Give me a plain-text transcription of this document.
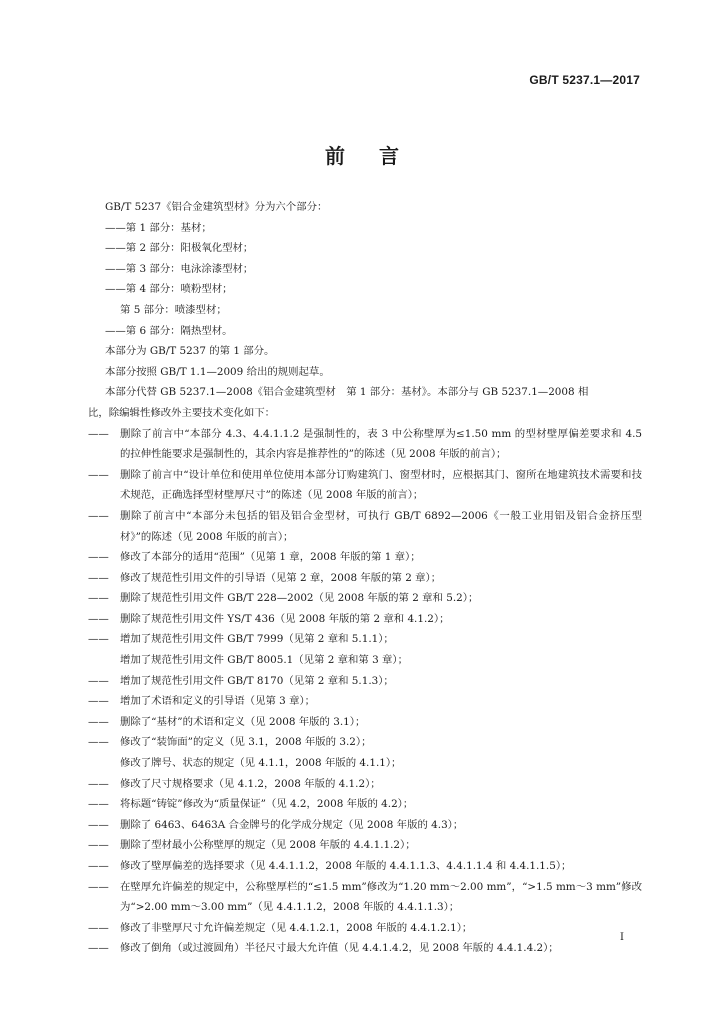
GB/T 5237.1—2017
前言
GB/T 5237《铝合金建筑型材》分为六个部分：
——第 1 部分：基材；
——第 2 部分：阳极氧化型材；
——第 3 部分：电泳涂漆型材；
——第 4 部分：喷粉型材；
第 5 部分：喷漆型材；
——第 6 部分：隔热型材。
本部分为 GB/T 5237 的第 1 部分。
本部分按照 GB/T 1.1—2009 给出的规则起草。
本部分代替 GB 5237.1—2008《铝合金建筑型材　第 1 部分：基材》。本部分与 GB 5237.1—2008 相
比，除编辑性修改外主要技术变化如下：
——	删除了前言中“本部分 4.3、4.4.1.1.2 是强制性的，表 3 中公称壁厚为≤1.50 mm 的型材壁厚偏差要求和 4.5 的拉伸性能要求是强制性的，其余内容是推荐性的”的陈述（见 2008 年版的前言）；
——	删除了前言中“设计单位和使用单位使用本部分订购建筑门、窗型材时，应根据其门、窗所在地建筑技术需要和技术规范，正确选择型材壁厚尺寸”的陈述（见 2008 年版的前言）；
——	删除了前言中“本部分未包括的铝及铝合金型材，可执行 GB/T 6892—2006《一般工业用铝及铝合金挤压型材》”的陈述（见 2008 年版的前言）；
——	修改了本部分的适用“范围”（见第 1 章，2008 年版的第 1 章）；
——	修改了规范性引用文件的引导语（见第 2 章，2008 年版的第 2 章）；
——	删除了规范性引用文件 GB/T 228—2002（见 2008 年版的第 2 章和 5.2）；
——	删除了规范性引用文件 YS/T 436（见 2008 年版的第 2 章和 4.1.2）；
——	增加了规范性引用文件 GB/T 7999（见第 2 章和 5.1.1）；
增加了规范性引用文件 GB/T 8005.1（见第 2 章和第 3 章）；
——	增加了规范性引用文件 GB/T 8170（见第 2 章和 5.1.3）；
——	增加了术语和定义的引导语（见第 3 章）；
——	删除了“基材”的术语和定义（见 2008 年版的 3.1）；
——	修改了“装饰面”的定义（见 3.1，2008 年版的 3.2）；
修改了牌号、状态的规定（见 4.1.1，2008 年版的 4.1.1）；
——	修改了尺寸规格要求（见 4.1.2，2008 年版的 4.1.2）；
——	将标题“铸锭”修改为“质量保证”（见 4.2，2008 年版的 4.2）；
——	删除了 6463、6463A 合金牌号的化学成分规定（见 2008 年版的 4.3）；
——	删除了型材最小公称壁厚的规定（见 2008 年版的 4.4.1.1.2）；
——	修改了壁厚偏差的选择要求（见 4.4.1.1.2，2008 年版的 4.4.1.1.3、4.4.1.1.4 和 4.4.1.1.5）；
——	在壁厚允许偏差的规定中，公称壁厚栏的“≤1.5 mm”修改为“1.20 mm～2.00 mm”，“>1.5 mm～3 mm”修改为“>2.00 mm～3.00 mm”（见 4.4.1.1.2，2008 年版的 4.4.1.1.3）；
——	修改了非壁厚尺寸允许偏差规定（见 4.4.1.2.1，2008 年版的 4.4.1.2.1）；
——	修改了倒角（或过渡圆角）半径尺寸最大允许值（见 4.4.1.4.2，见 2008 年版的 4.4.1.4.2）；
I
